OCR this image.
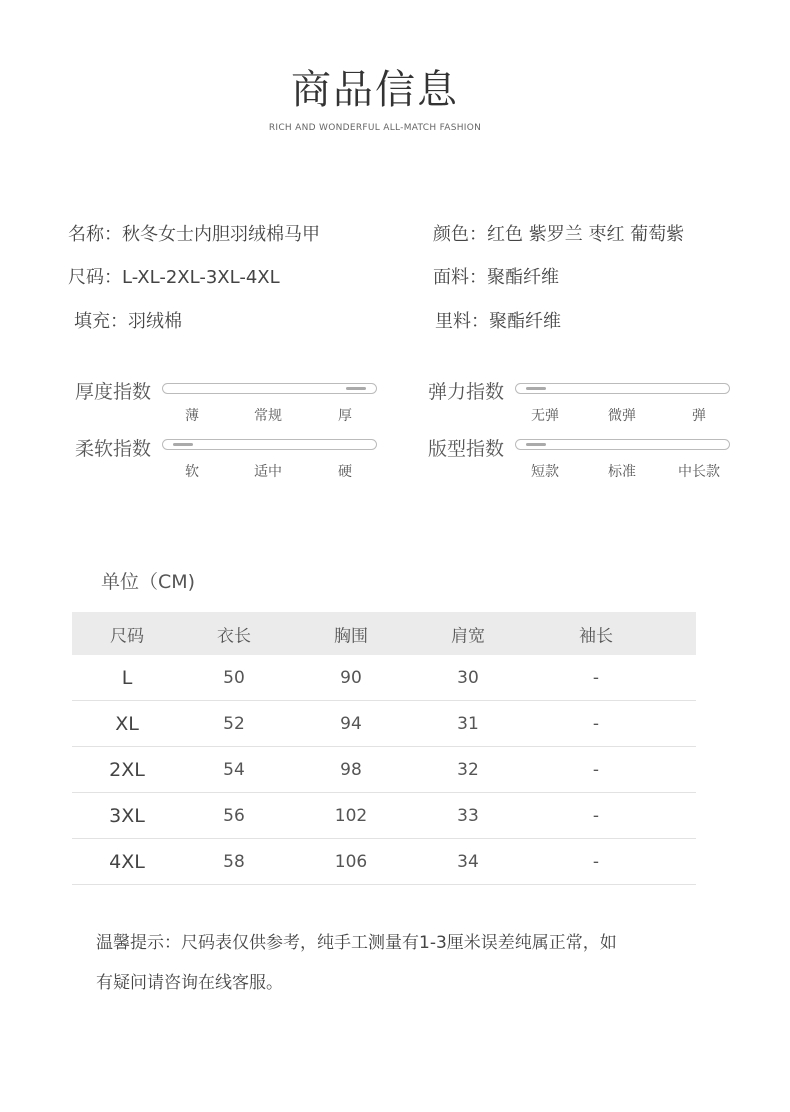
商品信息
RICH AND WONDERFUL ALL-MATCH FASHION
名称：秋冬女士内胆羽绒棉马甲	颜色：红色 紫罗兰 枣红 葡萄紫
尺码：L-XL-2XL-3XL-4XL	面料：聚酯纤维
填充：羽绒棉	里料：聚酯纤维
厚度指数
薄	常规	厚
弹力指数
无弹	微弹	弹
柔软指数
软	适中	硬
版型指数
短款	标准	中长款
单位（CM)
尺码	衣长	胸围	肩宽	袖长
L	50	90	30	-
XL	52	94	31	-
2XL	54	98	32	-
3XL	56	102	33	-
4XL	58	106	34	-
温馨提示：尺码表仅供参考，纯手工测量有1-3厘米误差纯属正常，如
有疑问请咨询在线客服。
